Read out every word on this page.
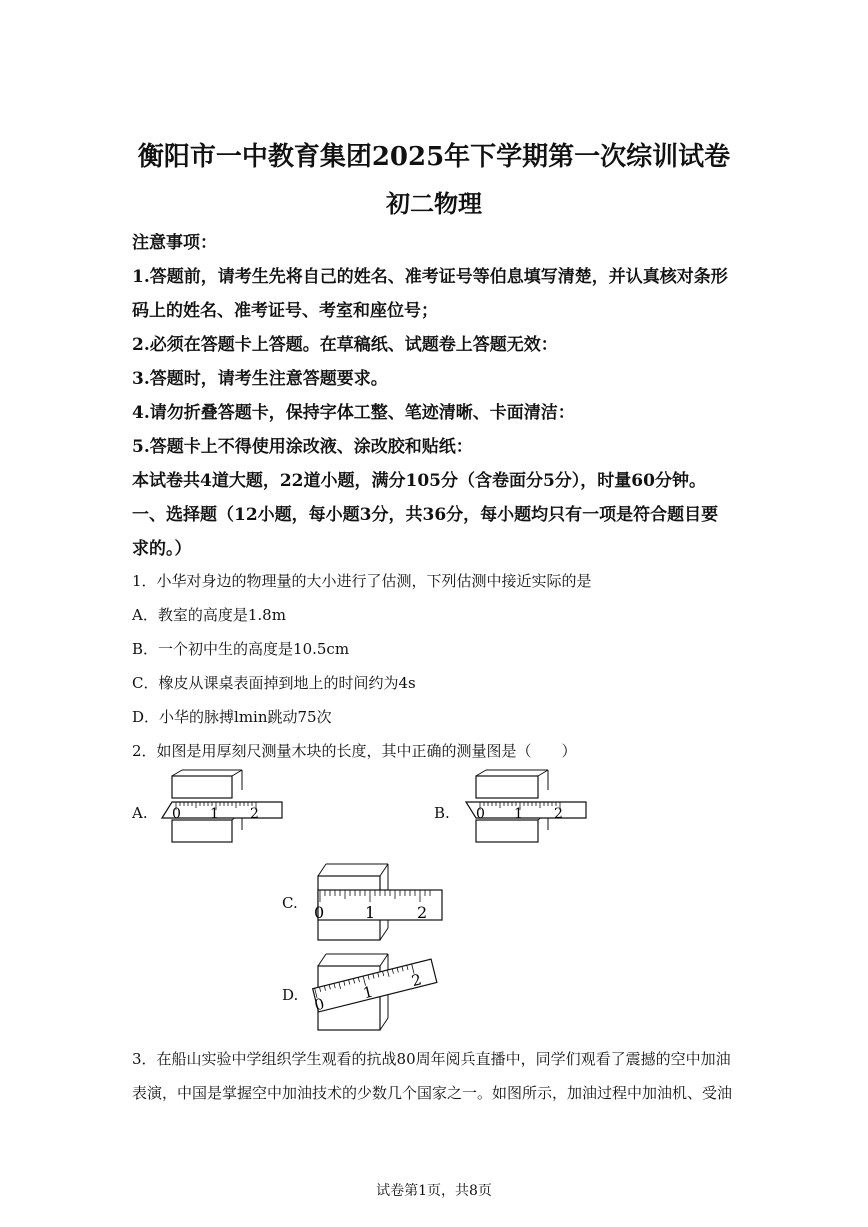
衡阳市一中教育集团2025年下学期第一次综训试卷
初二物理
注意事项：
1.答题前，请考生先将自己的姓名、准考证号等伯息填写清楚，并认真核对条形
码上的姓名、准考证号、考室和座位号；
2.必须在答题卡上答题。在草稿纸、试题卷上答题无效：
3.答题时，请考生注意答题要求。
4.请勿折叠答题卡，保持字体工整、笔迹清晰、卡面清洁：
5.答题卡上不得使用涂改液、涂改胶和贴纸：
本试卷共4道大题，22道小题，满分105分（含卷面分5分），时量60分钟。
一、选择题（12小题，每小题3分，共36分，每小题均只有一项是符合题目要
求的。）
1．小华对身边的物理量的大小进行了估测，下列估测中接近实际的是
A．教室的高度是1.8m
B．一个初中生的高度是10.5cm
C．橡皮从课桌表面掉到地上的时间约为4s
D．小华的脉搏lmin跳动75次
2．如图是用厚刻尺测量木块的长度，其中正确的测量图是（　　）
A. 0 1 2	B. 0 1 2
C. 0	1	2
D. 0
1
2
3．在船山实验中学组织学生观看的抗战80周年阅兵直播中，同学们观看了震撼的空中加油
表演，中国是掌握空中加油技术的少数几个国家之一。如图所示，加油过程中加油机、受油
试卷第1页，共8页
